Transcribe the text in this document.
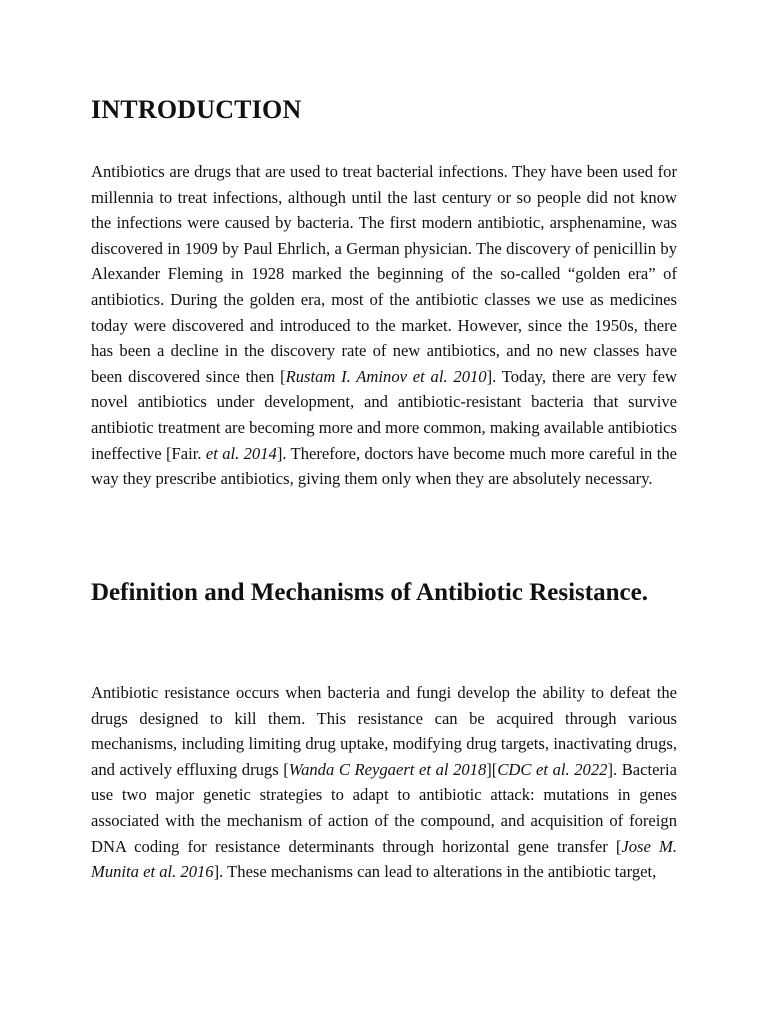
INTRODUCTION

Antibiotics are drugs that are used to treat bacterial infections. They have been used for millennia to treat infections, although until the last century or so people did not know the infections were caused by bacteria. The first modern antibiotic, arsphenamine, was discovered in 1909 by Paul Ehrlich, a German physician. The discovery of penicillin by Alexander Fleming in 1928 marked the beginning of the so-called “golden era” of antibiotics. During the golden era, most of the antibiotic classes we use as medicines today were discovered and introduced to the market. However, since the 1950s, there has been a decline in the discovery rate of new antibiotics, and no new classes have been discovered since then [Rustam I. Aminov et al. 2010]. Today, there are very few novel antibiotics under development, and antibiotic-resistant bacteria that survive antibiotic treatment are becoming more and more common, making available antibiotics ineffective [Fair. et al. 2014]. Therefore, doctors have become much more careful in the way they prescribe antibiotics, giving them only when they are absolutely necessary.

Definition and Mechanisms of Antibiotic Resistance.

Antibiotic resistance occurs when bacteria and fungi develop the ability to defeat the drugs designed to kill them. This resistance can be acquired through various mechanisms, including limiting drug uptake, modifying drug targets, inactivating drugs, and actively effluxing drugs [Wanda C Reygaert et al 2018][CDC et al. 2022]. Bacteria use two major genetic strategies to adapt to antibiotic attack: mutations in genes associated with the mechanism of action of the compound, and acquisition of foreign DNA coding for resistance determinants through horizontal gene transfer [Jose M. Munita et al. 2016]. These mechanisms can lead to alterations in the antibiotic target,
